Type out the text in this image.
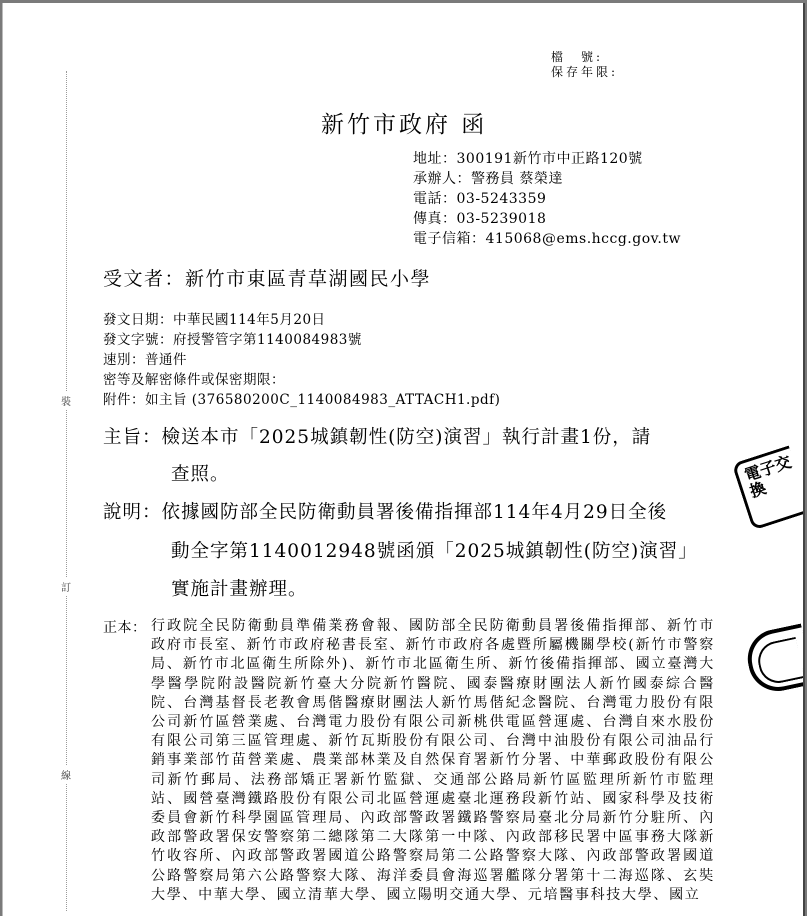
裝
訂
線
檔　號:
保存年限:
新竹市政府 函
地址：300191新竹市中正路120號
承辦人：警務員 蔡榮達
電話：03-5243359
傳真：03-5239018
電子信箱：415068@ems.hccg.gov.tw
受文者：新竹市東區青草湖國民小學
發文日期：中華民國114年5月20日
發文字號：府授警管字第1140084983號
速別：普通件
密等及解密條件或保密期限：
附件：如主旨 (376580200C_1140084983_ATTACH1.pdf)
主旨：檢送本市「2025城鎮韌性(防空)演習」執行計畫1份，請
查照。
說明：依據國防部全民防衛動員署後備指揮部114年4月29日全後
動全字第1140012948號函頒「2025城鎮韌性(防空)演習」
實施計畫辦理。
正本： 行政院全民防衛動員準備業務會報、國防部全民防衛動員署後備指揮部、新竹市政府市長室、新竹市政府秘書長室、新竹市政府各處暨所屬機關學校(新竹市警察局、新竹市北區衛生所除外)、新竹市北區衛生所、新竹後備指揮部、國立臺灣大學醫學院附設醫院新竹臺大分院新竹醫院、國泰醫療財團法人新竹國泰綜合醫院、台灣基督長老教會馬偕醫療財團法人新竹馬偕紀念醫院、台灣電力股份有限公司新竹區營業處、台灣電力股份有限公司新桃供電區營運處、台灣自來水股份有限公司第三區管理處、新竹瓦斯股份有限公司、台灣中油股份有限公司油品行銷事業部竹苗營業處、農業部林業及自然保育署新竹分署、中華郵政股份有限公司新竹郵局、法務部矯正署新竹監獄、交通部公路局新竹區監理所新竹市監理站、國營臺灣鐵路股份有限公司北區營運處臺北運務段新竹站、國家科學及技術委員會新竹科學園區管理局、內政部警政署鐵路警察局臺北分局新竹分駐所、內政部警政署保安警察第二總隊第二大隊第一中隊、內政部移民署中區事務大隊新竹收容所、內政部警政署國道公路警察局第二公路警察大隊、內政部警政署國道公路警察局第六公路警察大隊、海洋委員會海巡署艦隊分署第十二海巡隊、玄奘大學、中華大學、國立清華大學、國立陽明交通大學、元培醫事科技大學、國立
電子交換
